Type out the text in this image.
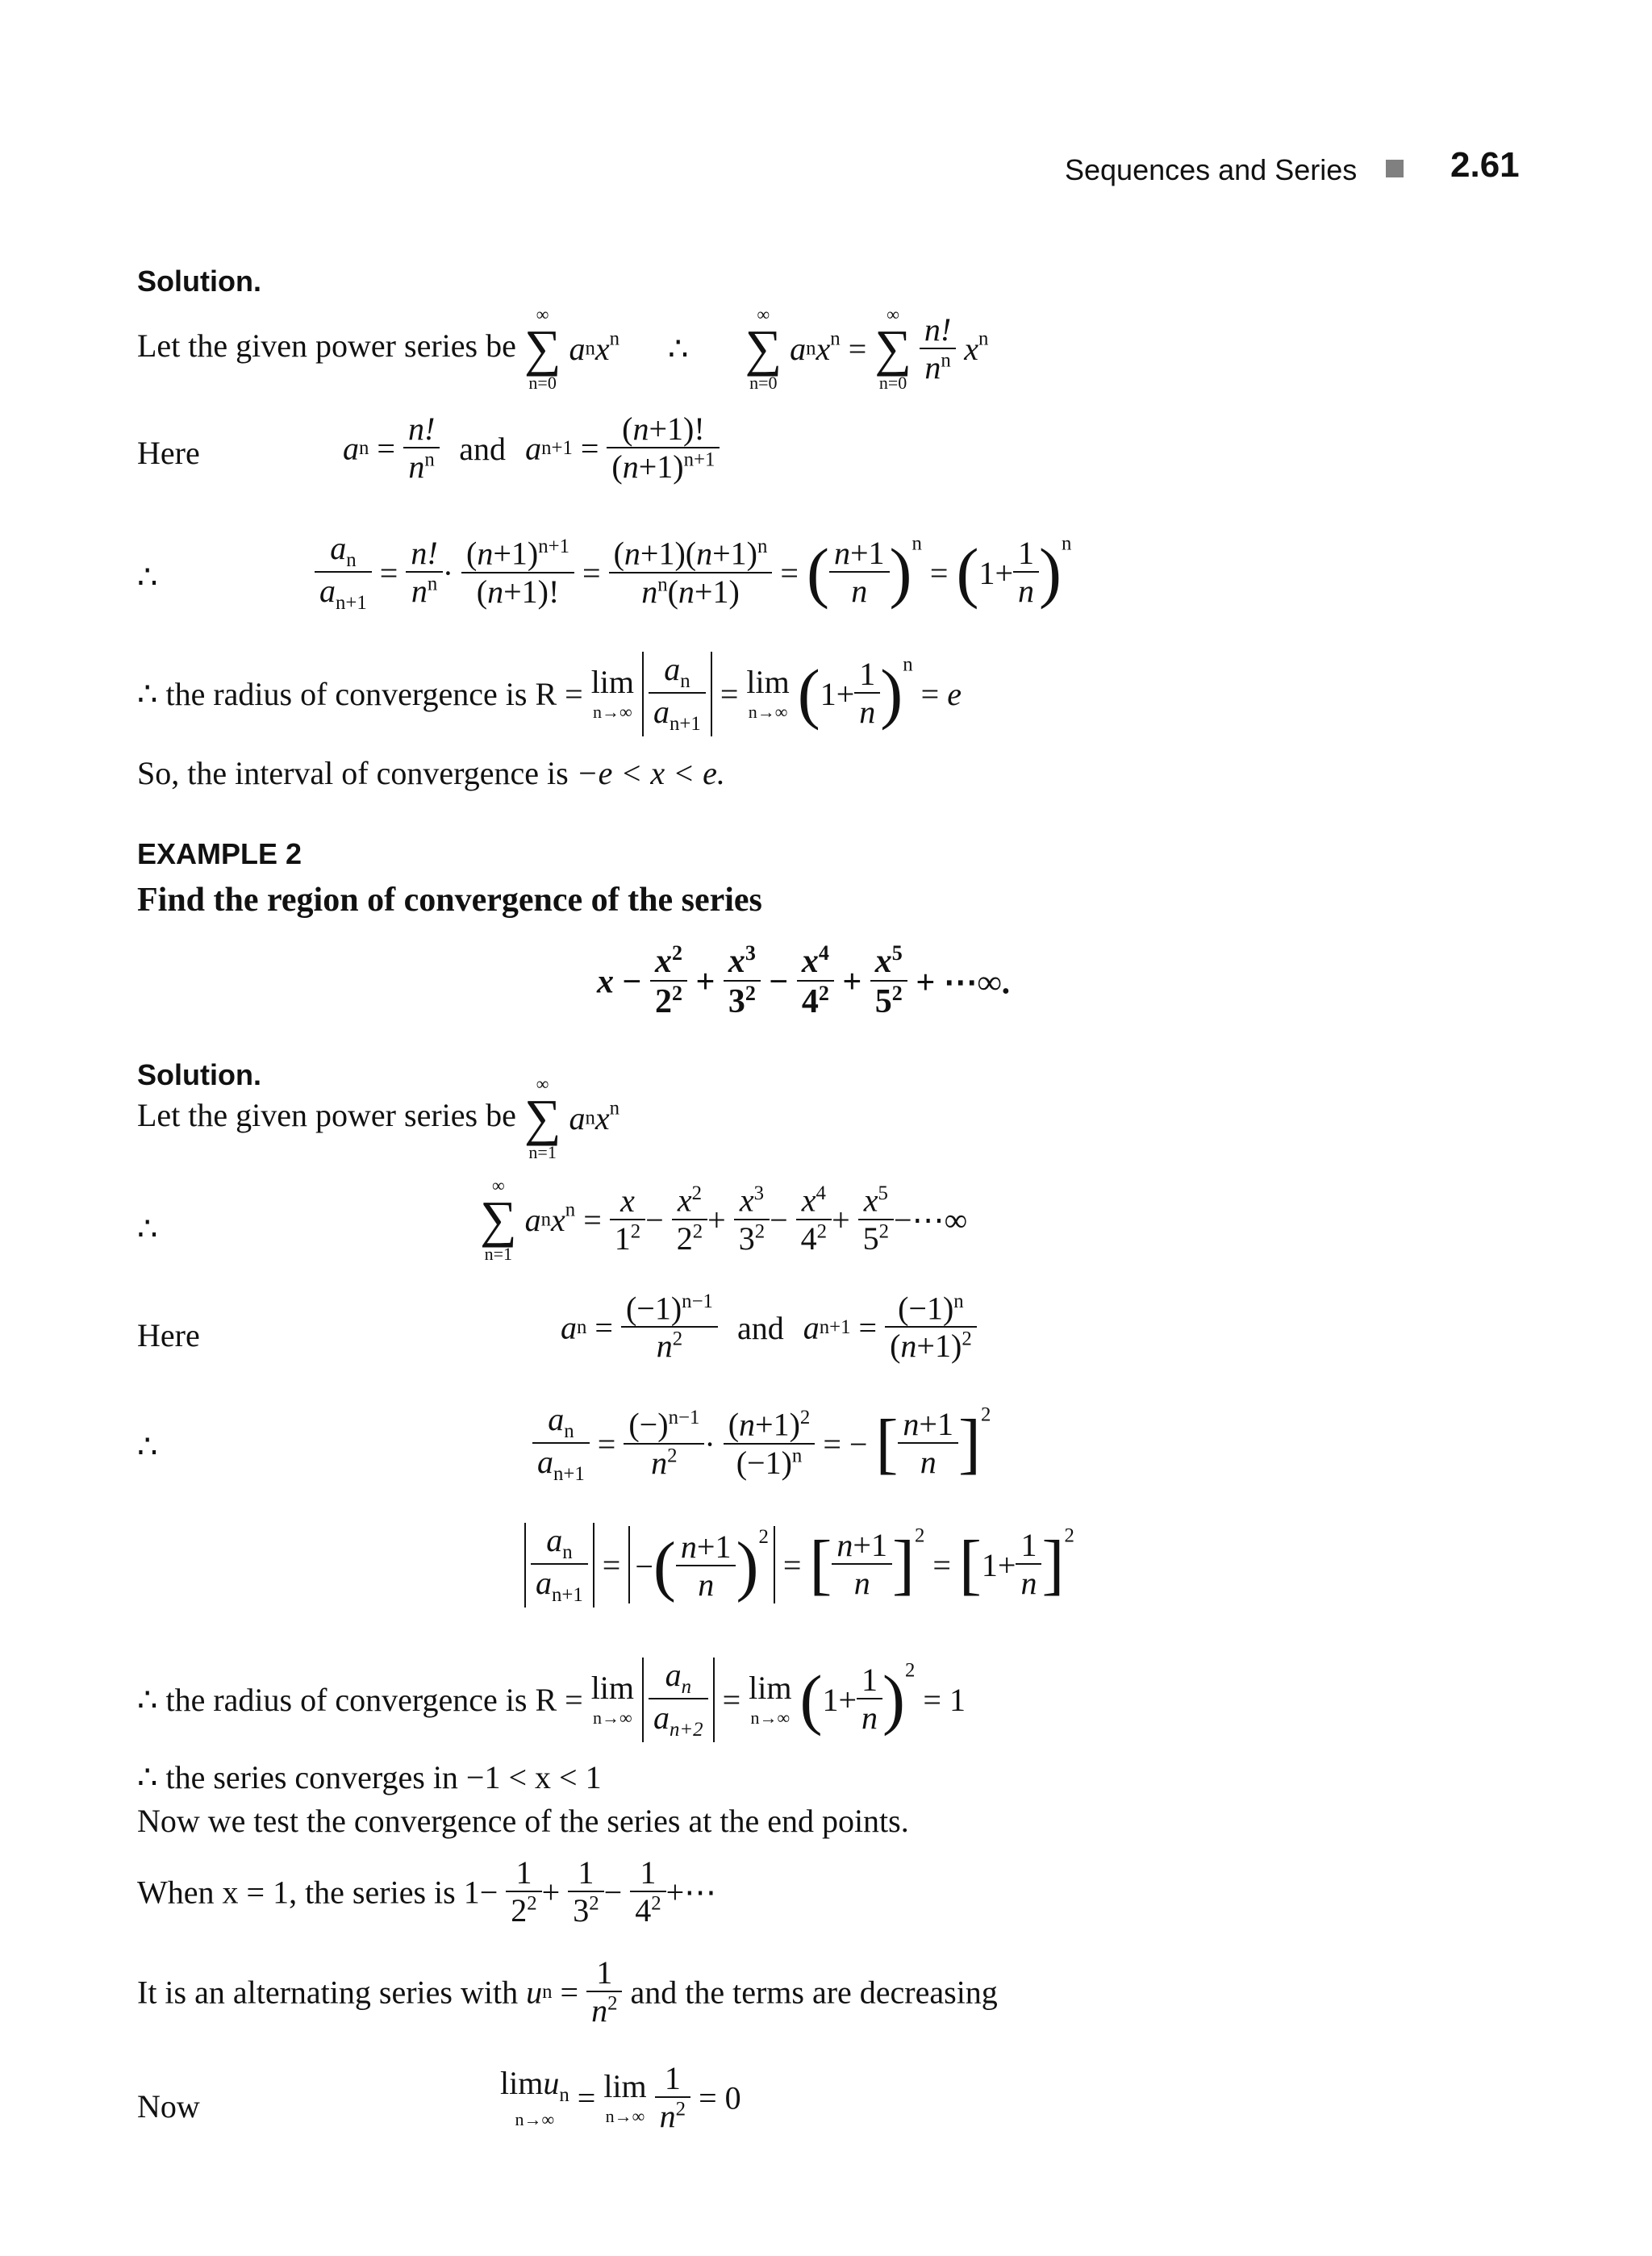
Sequences and Series	2.61
Solution.
Let the given power series be
∞
∑
n=0
anx$^n$ ∴
∞
∑
n=0
anx$^n$ =
∞
∑
n=0
$\frac{n!}{n^n} x^n$
Here	an = $\frac{n!}{n^n}$ and $an+1 = \frac{(n+1)!}{(n+1)^{n+1}}$
∴	$\frac{a_n}{a_{n+1}} = \frac{n!}{n^n} \cdot \frac{(n+1)^{n+1}}{(n+1)!} = \frac{(n+1)(n+1)^n}{n^n(n+1)}$ = ( $\frac{n+1}{n} )^n = (1+ \frac{1}{n} )^n$
∴ the radius of convergence is R = lim
n→∞
$\frac{a_n}{a_{n+1}} = \lim$
n→∞ $(1+ \frac{1}{n} )^n = e$
So, the interval of convergence is −e < x < e.
EXAMPLE 2
Find the region of convergence of the series
$x - \frac{x^2}{2^2} + \frac{x^3}{3^2} - \frac{x^4}{4^2} + \frac{x^5}{5^2}$ + ⋯∞.
Solution.
Let the given power series be
∞
∑
n=1
anx$^n$
∴
∞
∑
n=1
$anx^n = \frac{x}{1^2} - \frac{x^2}{2^2} + \frac{x^3}{3^2} - \frac{x^4}{4^2} + \frac{x^5}{5^2}$ −⋯∞
Here	an = $\frac{(-1)^{n-1}}{n^2}$ and $an+1 = \frac{(-1)^n}{(n+1)^2}$
∴	$\frac{a_n}{a_{n+1}} = \frac{(-)^{n-1}}{n^2} \cdot \frac{(n+1)^2}{(-1)^n}$ = − [ $\frac{n+1}{n} ]^2$
$\frac{a_n}{a_{n+1}}$ = −( $\frac{n+1}{n} )^2$ = [ $\frac{n+1}{n} ]^2 = [1+ \frac{1}{n} ]^2$
∴ the radius of convergence is R = lim
n→∞
$\frac{a_n}{a_{n+2}} = \lim$
n→∞ $(1+ \frac{1}{n} )^2 = 1$
∴ the series converges in −1 < x < 1
Now we test the convergence of the series at the end points.
When x = 1, the series is $1- \frac{1}{2^2} + \frac{1}{3^2} - \frac{1}{4^2}$ +⋯
It is an alternating series with un = $\frac{1}{n^2}$ and the terms are decreasing
Now
limu$_n$
n→∞
= lim
n→∞
$\frac{1}{n^2} = 0$
